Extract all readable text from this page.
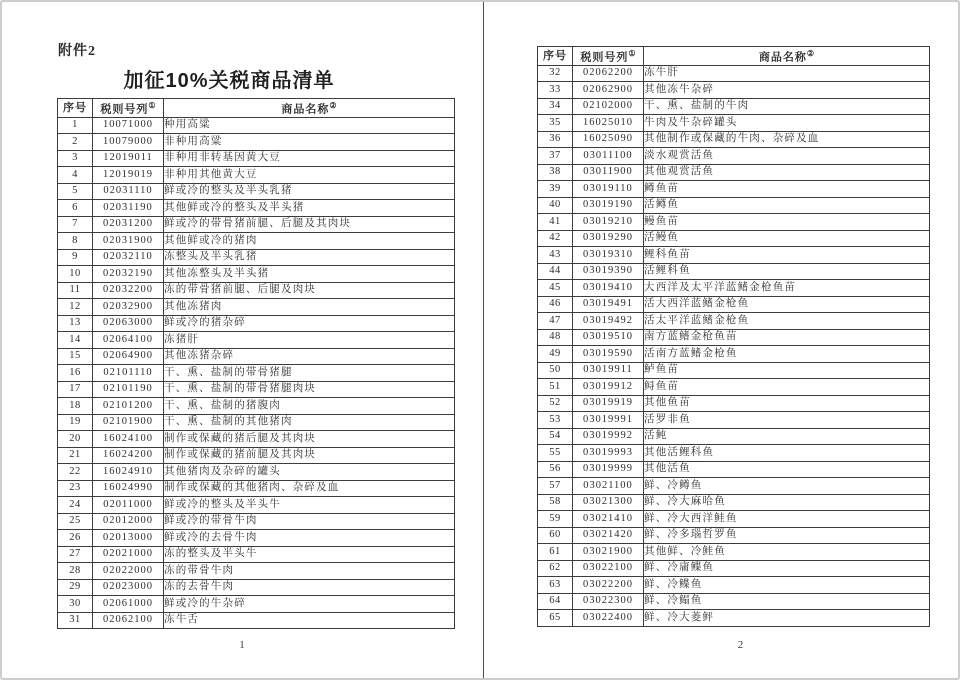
附件2
加征10%关税商品清单
序号	税则号列①	商品名称②
1	10071000	种用高粱
2	10079000	非种用高粱
3	12019011	非种用非转基因黄大豆
4	12019019	非种用其他黄大豆
5	02031110	鲜或冷的整头及半头乳猪
6	02031190	其他鲜或冷的整头及半头猪
7	02031200	鲜或冷的带骨猪前腿、后腿及其肉块
8	02031900	其他鲜或冷的猪肉
9	02032110	冻整头及半头乳猪
10	02032190	其他冻整头及半头猪
11	02032200	冻的带骨猪前腿、后腿及肉块
12	02032900	其他冻猪肉
13	02063000	鲜或冷的猪杂碎
14	02064100	冻猪肝
15	02064900	其他冻猪杂碎
16	02101110	干、熏、盐制的带骨猪腿
17	02101190	干、熏、盐制的带骨猪腿肉块
18	02101200	干、熏、盐制的猪腹肉
19	02101900	干、熏、盐制的其他猪肉
20	16024100	制作或保藏的猪后腿及其肉块
21	16024200	制作或保藏的猪前腿及其肉块
22	16024910	其他猪肉及杂碎的罐头
23	16024990	制作或保藏的其他猪肉、杂碎及血
24	02011000	鲜或冷的整头及半头牛
25	02012000	鲜或冷的带骨牛肉
26	02013000	鲜或冷的去骨牛肉
27	02021000	冻的整头及半头牛
28	02022000	冻的带骨牛肉
29	02023000	冻的去骨牛肉
30	02061000	鲜或冷的牛杂碎
31	02062100	冻牛舌
1
序号	税则号列①	商品名称②
32	02062200	冻牛肝
33	02062900	其他冻牛杂碎
34	02102000	干、熏、盐制的牛肉
35	16025010	牛肉及牛杂碎罐头
36	16025090	其他制作或保藏的牛肉、杂碎及血
37	03011100	淡水观赏活鱼
38	03011900	其他观赏活鱼
39	03019110	鳟鱼苗
40	03019190	活鳟鱼
41	03019210	鳗鱼苗
42	03019290	活鳗鱼
43	03019310	鲤科鱼苗
44	03019390	活鲤科鱼
45	03019410	大西洋及太平洋蓝鳍金枪鱼苗
46	03019491	活大西洋蓝鳍金枪鱼
47	03019492	活太平洋蓝鳍金枪鱼
48	03019510	南方蓝鳍金枪鱼苗
49	03019590	活南方蓝鳍金枪鱼
50	03019911	鲈鱼苗
51	03019912	鲟鱼苗
52	03019919	其他鱼苗
53	03019991	活罗非鱼
54	03019992	活鲀
55	03019993	其他活鲤科鱼
56	03019999	其他活鱼
57	03021100	鲜、冷鳟鱼
58	03021300	鲜、冷大麻哈鱼
59	03021410	鲜、冷大西洋鲑鱼
60	03021420	鲜、冷多瑙哲罗鱼
61	03021900	其他鲜、冷鲑鱼
62	03022100	鲜、冷庸鲽鱼
63	03022200	鲜、冷鲽鱼
64	03022300	鲜、冷鳎鱼
65	03022400	鲜、冷大菱鲆
2
